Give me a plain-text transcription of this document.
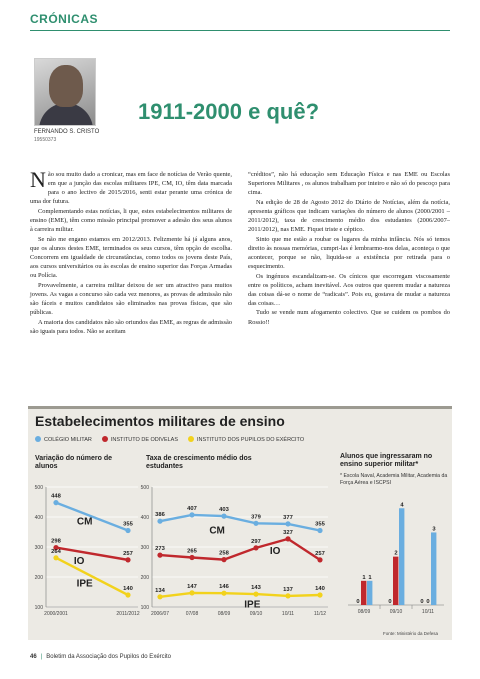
CRÓNICAS
FERNANDO S. CRISTO
19550373
1911-2000 e quê?

Não sou muito dado a cronicar, mas em face de notícias de Verão quente, em que a junção das escolas militares IPE, CM, IO, têm data marcada para o ano lectivo de 2015/2016, senti estar perante uma crónica de uma dor futura.

Complementando estas notícias, li que, estes estabelecimentos militares de ensino (EME), têm como missão principal promover a adesão dos seus alunos à carreira militar.

Se não me engano estamos em 2012/2013. Felizmente há já alguns anos, que os alunos destes EME, terminados os seus cursos, têm opção de escolha. Concorrem em igualdade de circunstâncias, como todos os jovens deste País, aos cursos universitários ou às escolas de ensino superior das Forças Armadas ou Polícia.

Provavelmente, a carreira militar deixou de ser um atractivo para muitos jovens. As vagas a concurso são cada vez menores, as provas de admissão não são fáceis e muitos candidatos são eliminados nas provas físicas, que são públicas.

A maioria dos candidatos não são oriundos das EME, as regras de admissão são iguais para todos. Não se aceitam

“créditos”, não há educação sem Educação Física e nas EME ou Escolas Superiores Militares , os alunos trabalham por inteiro e não só do pescoço para cima.

Na edição de 28 de Agosto 2012 do Diário de Notícias, além da notícia, apresenta gráficos que indicam variações do número de alunos (2000/2001 – 2011/2012), taxa de crescimento médio dos estudantes (2006/2007– 2011/2012), nas EME. Fiquei triste e céptico.

Sinto que me estão a roubar os lugares da minha infância. Nós só temos direito às nossas memórias, cumpri-las é lembrarmo-nos delas, aconteça o que acontecer, porque se não, liquida-se a existência por retirada para o esquecimento.

Os ingénuos escandalizam-se. Os cínicos que escorregam viscosamente entre os políticos, acham inevitável. Aos outros que querem mudar a natureza das coisas dá-se o nome de “radicais”. Pois eu, gostava de mudar a natureza das coisas…

Tudo se vende num afogamento colectivo. Que se cuidem os pombos do Rossio!!

Estabelecimentos militares de ensino
COLÉGIO MILITAR	INSTITUTO DE ODIVELAS	INSTITUTO DOS PUPILOS DO EXÉRCITO
Variação do número de alunos
Taxa de crescimento médio dos estudantes
Alunos que ingressaram no ensino superior militar*
* Escola Naval, Academia Militar, Academia da Força Aérea e ISCPSI
500
400
300
200
100
2000/2001	2011/2012
448
355
CM
298
257
IO
264
140
IPE
500
400
300
200
100
2006/07	07/08	08/09	09/10	10/11	11/12
386
407	403
379	377
355
CM
273	265	258
297
327
257
IO
134
147	146	143	137	140
IPE	0
1 1
08/09
0
2
4
09/10
0 0
3
10/11
Fonte: Ministério da Defesa
46 | Boletim da Associação dos Pupilos do Exército
